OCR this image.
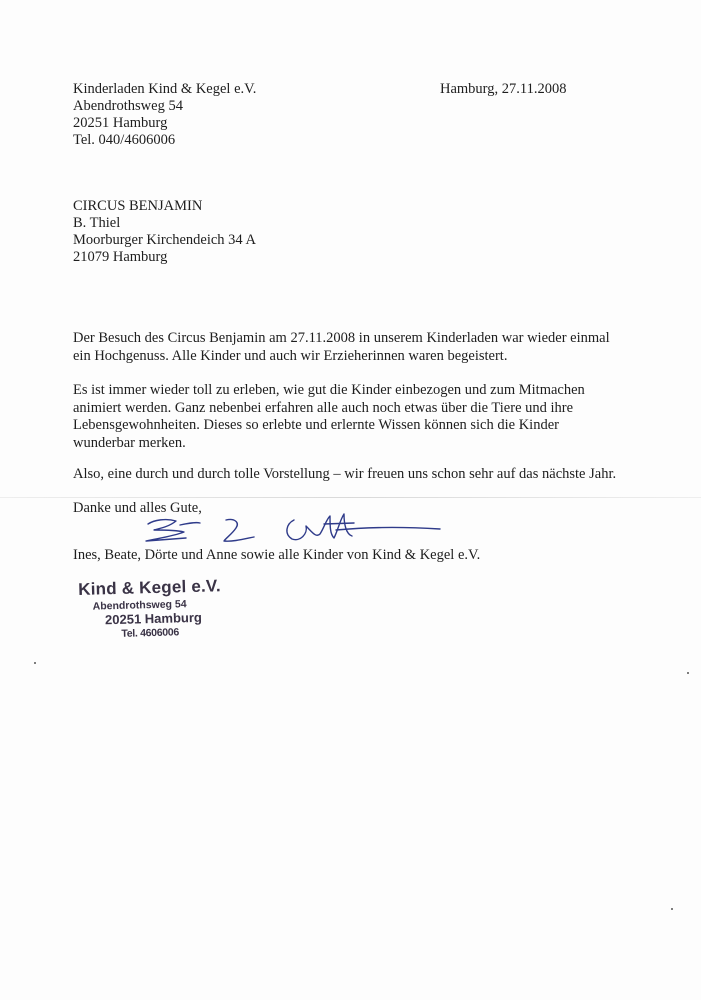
Kinderladen Kind & Kegel e.V.
Abendrothsweg 54
20251 Hamburg
Tel. 040/4606006
Hamburg, 27.11.2008
CIRCUS BENJAMIN
B. Thiel
Moorburger Kirchendeich 34 A
21079 Hamburg
Der Besuch des Circus Benjamin am 27.11.2008 in unserem Kinderladen war wieder einmal
ein Hochgenuss. Alle Kinder und auch wir Erzieherinnen waren begeistert.
Es ist immer wieder toll zu erleben, wie gut die Kinder einbezogen und zum Mitmachen
animiert werden. Ganz nebenbei erfahren alle auch noch etwas über die Tiere und ihre
Lebensgewohnheiten. Dieses so erlebte und erlernte Wissen können sich die Kinder
wunderbar merken.
Also, eine durch und durch tolle Vorstellung – wir freuen uns schon sehr auf das nächste Jahr.
Danke und alles Gute,
Ines, Beate, Dörte und Anne sowie alle Kinder von Kind & Kegel e.V.
Kind & Kegel e.V.
Abendrothsweg 54
20251 Hamburg
Tel. 4606006
